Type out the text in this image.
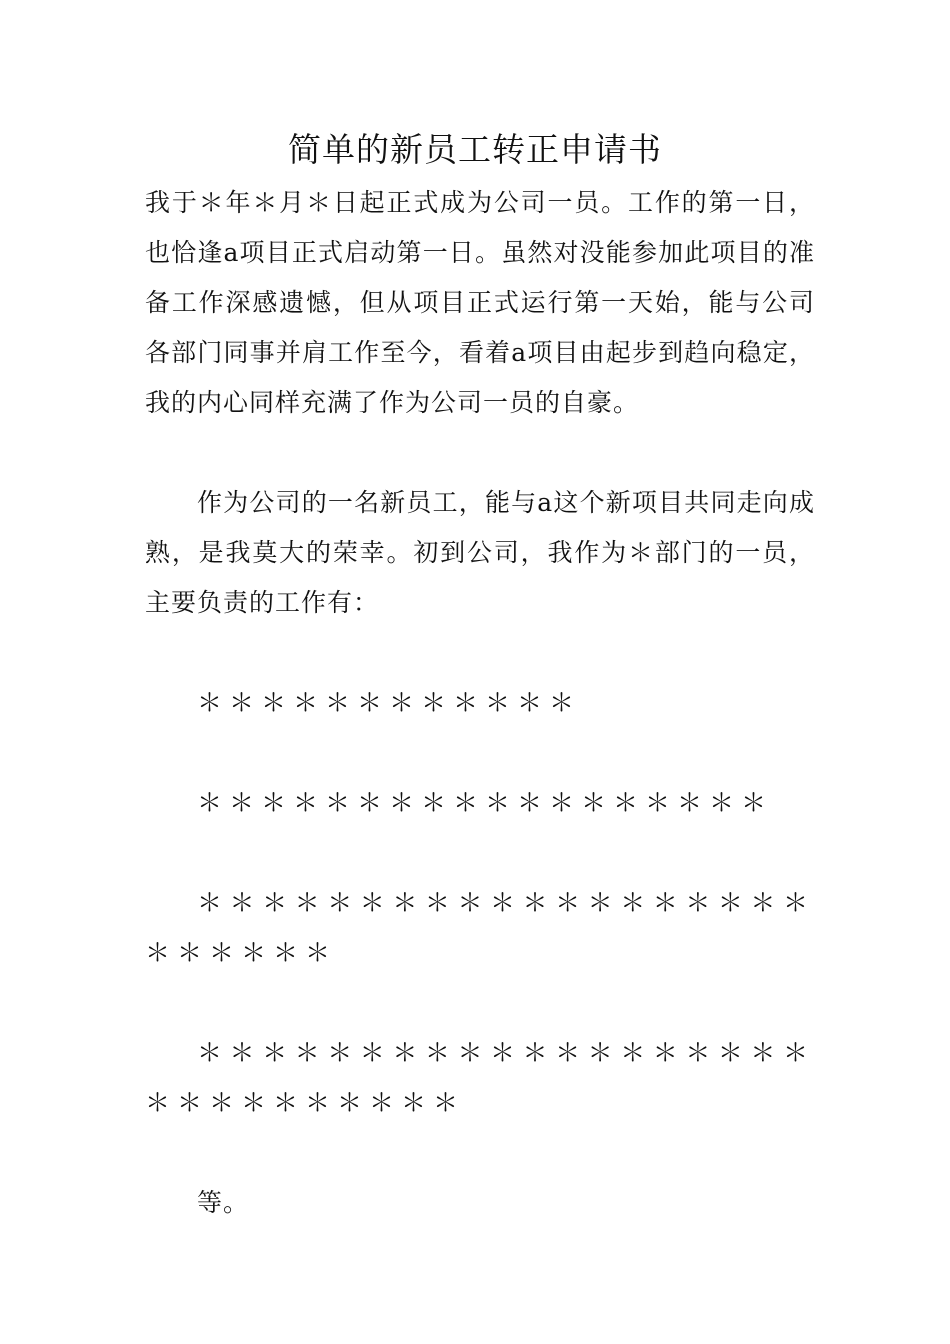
简单的新员工转正申请书

我于＊年＊月＊日起正式成为公司一员。工作的第一日，也恰逢a项目正式启动第一日。虽然对没能参加此项目的准备工作深感遗憾，但从项目正式运行第一天始，能与公司各部门同事并肩工作至今，看着a项目由起步到趋向稳定，我的内心同样充满了作为公司一员的自豪。

作为公司的一名新员工，能与a这个新项目共同走向成熟，是我莫大的荣幸。初到公司，我作为＊部门的一员，主要负责的工作有：

＊＊＊＊＊＊＊＊＊＊＊＊

＊＊＊＊＊＊＊＊＊＊＊＊＊＊＊＊＊＊

＊＊＊＊＊＊＊＊＊＊＊＊＊＊＊＊＊＊＊＊＊＊＊＊＊

＊＊＊＊＊＊＊＊＊＊＊＊＊＊＊＊＊＊＊＊＊＊＊＊＊＊＊＊＊

等。
